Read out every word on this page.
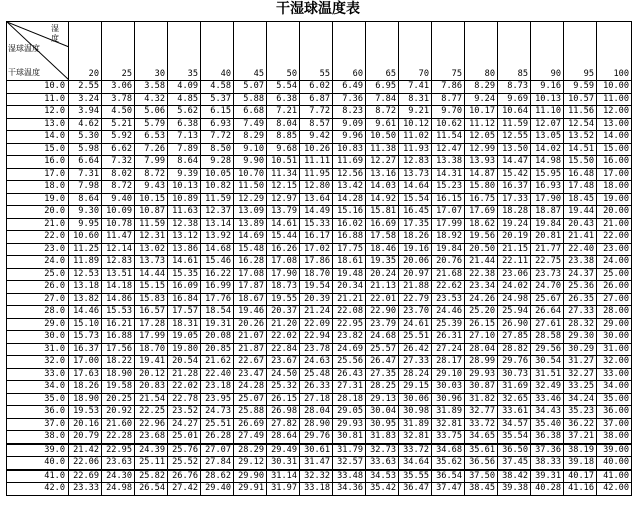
干湿球温度表
湿
度
湿球温度
干球温度	20	25	30	35	40	45	50	55	60	65	70	75	80	85	90	95	100
10.0	2.55	3.06	3.58	4.09	4.58	5.07	5.54	6.02	6.49	6.95	7.41	7.86	8.29	8.73	9.16	9.59	10.00
11.0	3.24	3.78	4.32	4.85	5.37	5.88	6.38	6.87	7.36	7.84	8.31	8.77	9.24	9.69	10.13	10.57	11.00
12.0	3.94	4.50	5.06	5.62	6.15	6.68	7.21	7.72	8.23	8.72	9.21	9.70	10.17	10.64	11.10	11.56	12.00
13.0	4.62	5.21	5.79	6.38	6.93	7.49	8.04	8.57	9.09	9.61	10.12	10.62	11.12	11.59	12.07	12.54	13.00
14.0	5.30	5.92	6.53	7.13	7.72	8.29	8.85	9.42	9.96	10.50	11.02	11.54	12.05	12.55	13.05	13.52	14.00
15.0	5.98	6.62	7.26	7.89	8.50	9.10	9.68	10.26	10.83	11.38	11.93	12.47	12.99	13.50	14.02	14.51	15.00
16.0	6.64	7.32	7.99	8.64	9.28	9.90	10.51	11.11	11.69	12.27	12.83	13.38	13.93	14.47	14.98	15.50	16.00
17.0	7.31	8.02	8.72	9.39	10.05	10.70	11.34	11.95	12.56	13.16	13.73	14.31	14.87	15.42	15.95	16.48	17.00
18.0	7.98	8.72	9.43	10.13	10.82	11.50	12.15	12.80	13.42	14.03	14.64	15.23	15.80	16.37	16.93	17.48	18.00
19.0	8.64	9.40	10.15	10.89	11.59	12.29	12.97	13.64	14.28	14.92	15.54	16.15	16.75	17.33	17.90	18.45	19.00
20.0	9.30	10.09	10.87	11.63	12.37	13.09	13.79	14.49	15.16	15.81	16.45	17.07	17.69	18.28	18.87	19.44	20.00
21.0	9.95	10.78	11.59	12.38	13.14	13.89	14.61	15.33	16.02	16.69	17.35	17.99	18.62	19.24	19.84	20.43	21.00
22.0	10.60	11.47	12.31	13.12	13.92	14.69	15.44	16.17	16.88	17.58	18.26	18.92	19.56	20.19	20.81	21.41	22.00
23.0	11.25	12.14	13.02	13.86	14.68	15.48	16.26	17.02	17.75	18.46	19.16	19.84	20.50	21.15	21.77	22.40	23.00
24.0	11.89	12.83	13.73	14.61	15.46	16.28	17.08	17.86	18.61	19.35	20.06	20.76	21.44	22.11	22.75	23.38	24.00
25.0	12.53	13.51	14.44	15.35	16.22	17.08	17.90	18.70	19.48	20.24	20.97	21.68	22.38	23.06	23.73	24.37	25.00
26.0	13.18	14.18	15.15	16.09	16.99	17.87	18.73	19.54	20.34	21.13	21.88	22.62	23.34	24.02	24.70	25.36	26.00
27.0	13.82	14.86	15.83	16.84	17.76	18.67	19.55	20.39	21.21	22.01	22.79	23.53	24.26	24.98	25.67	26.35	27.00
28.0	14.46	15.53	16.57	17.57	18.54	19.46	20.37	21.24	22.08	22.90	23.70	24.46	25.20	25.94	26.64	27.33	28.00
29.0	15.10	16.21	17.28	18.31	19.31	20.26	21.20	22.09	22.95	23.79	24.61	25.39	26.15	26.90	27.61	28.32	29.00
30.0	15.73	16.88	17.99	19.05	20.08	21.07	22.02	22.94	23.82	24.68	25.51	26.31	27.10	27.85	28.58	29.30	30.00
31.0	16.37	17.56	18.70	19.80	20.85	21.87	22.84	23.78	24.69	25.57	26.42	27.24	28.04	28.82	29.56	30.29	31.00
32.0	17.00	18.22	19.41	20.54	21.62	22.67	23.67	24.63	25.56	26.47	27.33	28.17	28.99	29.76	30.54	31.27	32.00
33.0	17.63	18.90	20.12	21.28	22.40	23.47	24.50	25.48	26.43	27.35	28.24	29.10	29.93	30.73	31.51	32.27	33.00
34.0	18.26	19.58	20.83	22.02	23.18	24.28	25.32	26.33	27.31	28.25	29.15	30.03	30.87	31.69	32.49	33.25	34.00
35.0	18.90	20.25	21.54	22.78	23.95	25.07	26.15	27.18	28.18	29.13	30.06	30.96	31.82	32.65	33.46	34.24	35.00
36.0	19.53	20.92	22.25	23.52	24.73	25.88	26.98	28.04	29.05	30.04	30.98	31.89	32.77	33.61	34.43	35.23	36.00
37.0	20.16	21.60	22.96	24.27	25.51	26.69	27.82	28.90	29.93	30.95	31.89	32.81	33.72	34.57	35.40	36.22	37.00
38.0	20.79	22.28	23.68	25.01	26.28	27.49	28.64	29.76	30.81	31.83	32.81	33.75	34.65	35.54	36.38	37.21	38.00
39.0	21.42	22.95	24.39	25.76	27.07	28.29	29.49	30.61	31.79	32.73	33.72	34.68	35.61	36.50	37.36	38.19	39.00
40.0	22.06	23.63	25.11	25.52	27.84	29.12	30.31	31.47	32.57	33.63	34.64	35.62	36.56	37.45	38.33	39.18	40.00
41.0	22.69	24.30	25.82	26.76	28.62	29.90	31.14	32.32	33.48	34.53	35.55	36.54	37.50	38.42	39.31	40.17	41.00
42.0	23.33	24.98	26.54	27.42	29.40	29.91	31.97	33.18	34.36	35.42	36.47	37.47	38.45	39.38	40.28	41.16	42.00
